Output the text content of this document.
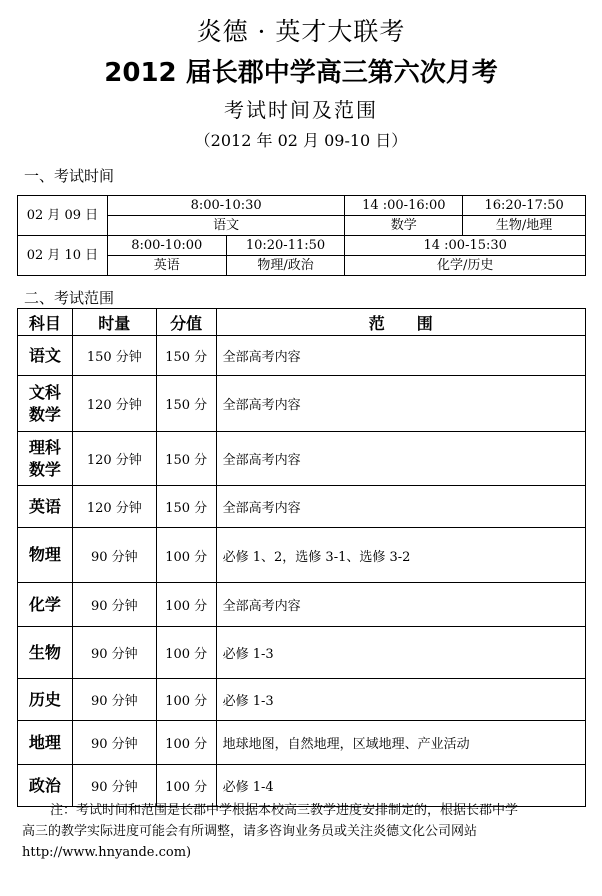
炎德 · 英才大联考
2012 届长郡中学高三第六次月考
考试时间及范围
（2012 年 02 月 09-10 日）
一、考试时间
02 月 09 日	8:00-10:30		14 :00-16:00	16:20-17:50
	语文		数学	生物/地理
02 月 10 日	8:00-10:00	10:20-11:50	14 :00-15:30	
	英语	物理/政治	化学/历史	
二、考试范围
科目	时量	分值	范　　围
语文	150 分钟	150 分	全部高考内容
文科
数学	120 分钟	150 分	全部高考内容
理科
数学	120 分钟	150 分	全部高考内容
英语	120 分钟	150 分	全部高考内容
物理	90 分钟	100 分	必修 1、2，选修 3-1、选修 3-2
化学	90 分钟	100 分	全部高考内容
生物	90 分钟	100 分	必修 1-3
历史	90 分钟	100 分	必修 1-3
地理	90 分钟	100 分	地球地图，自然地理，区域地理、产业活动
政治	90 分钟	100 分	必修 1-4

注：考试时间和范围是长郡中学根据本校高三教学进度安排制定的，根据长郡中学

高三的教学实际进度可能会有所调整，请多咨询业务员或关注炎德文化公司网站

http://www.hnyande.com)
